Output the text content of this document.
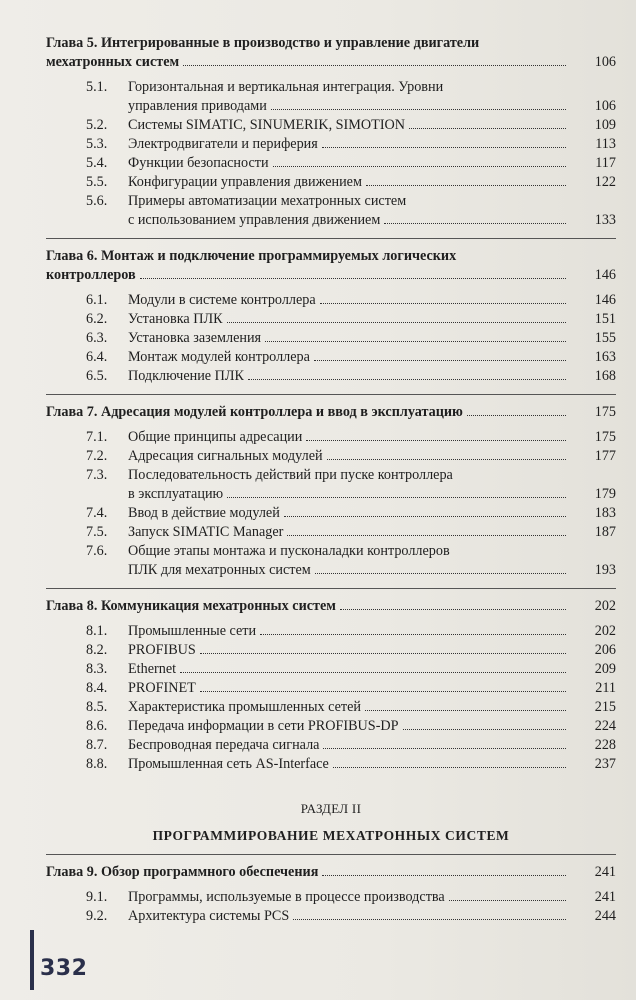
Глава 5. Интегрированные в производство и управление двигатели
мехатронных систем	106
5.1. Горизонтальная и вертикальная интеграция. Уровни
управления приводами	106
5.2. Системы SIMATIC, SINUMERIK, SIMOTION	109
5.3. Электродвигатели и периферия	113
5.4. Функции безопасности	117
5.5. Конфигурации управления движением	122
5.6. Примеры автоматизации мехатронных систем
с использованием управления движением	133
Глава 6. Монтаж и подключение программируемых логических
контроллеров	146
6.1. Модули в системе контроллера	146
6.2. Установка ПЛК	151
6.3. Установка заземления	155
6.4. Монтаж модулей контроллера	163
6.5. Подключение ПЛК	168
Глава 7. Адресация модулей контроллера и ввод в эксплуатацию	175
7.1. Общие принципы адресации	175
7.2. Адресация сигнальных модулей	177
7.3. Последовательность действий при пуске контроллера
в эксплуатацию	179
7.4. Ввод в действие модулей	183
7.5. Запуск SIMATIC Manager	187
7.6. Общие этапы монтажа и пусконаладки контроллеров
ПЛК для мехатронных систем	193
Глава 8. Коммуникация мехатронных систем	202
8.1. Промышленные сети	202
8.2. PROFIBUS	206
8.3. Ethernet	209
8.4. PROFINET	211
8.5. Характеристика промышленных сетей	215
8.6. Передача информации в сети PROFIBUS-DP	224
8.7. Беспроводная передача сигнала	228
8.8. Промышленная сеть AS-Interface	237
РАЗДЕЛ II
ПРОГРАММИРОВАНИЕ МЕХАТРОННЫХ СИСТЕМ
Глава 9. Обзор программного обеспечения	241
9.1. Программы, используемые в процессе производства	241
9.2. Архитектура системы PCS	244
332
